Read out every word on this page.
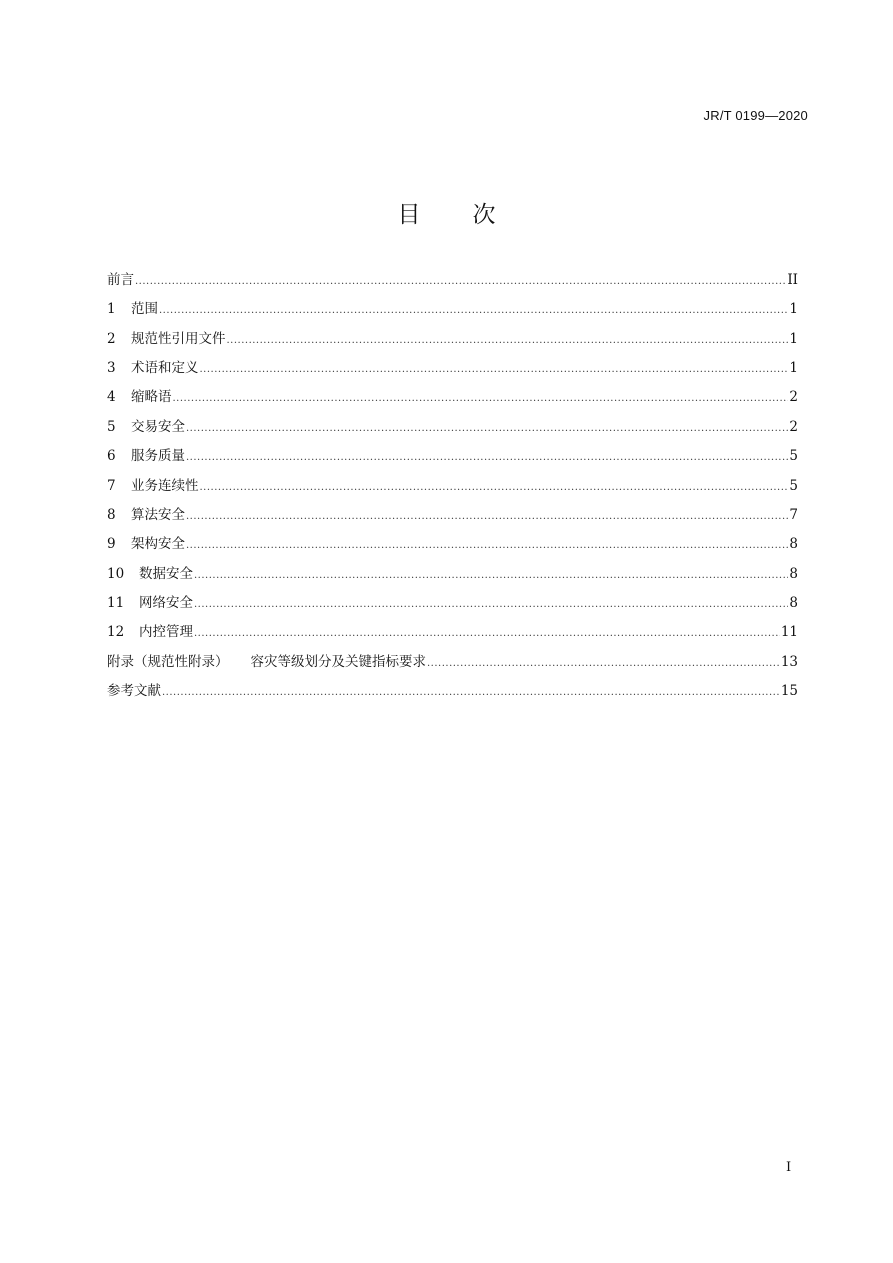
JR/T 0199—2020
目 次
前言 .....	II
1	范围 .....	1
2	规范性引用文件 .....	1
3	术语和定义 .....	1
4	缩略语 .....	2
5	交易安全 .....	2
6	服务质量 .....	5
7	业务连续性 .....	5
8	算法安全 .....	7
9	架构安全 .....	8
10	数据安全 .....	8
11	网络安全 .....	8
12	内控管理 .....	11
附录（规范性附录） 容灾等级划分及关键指标要求 .....	13
参考文献 .....	15
I
